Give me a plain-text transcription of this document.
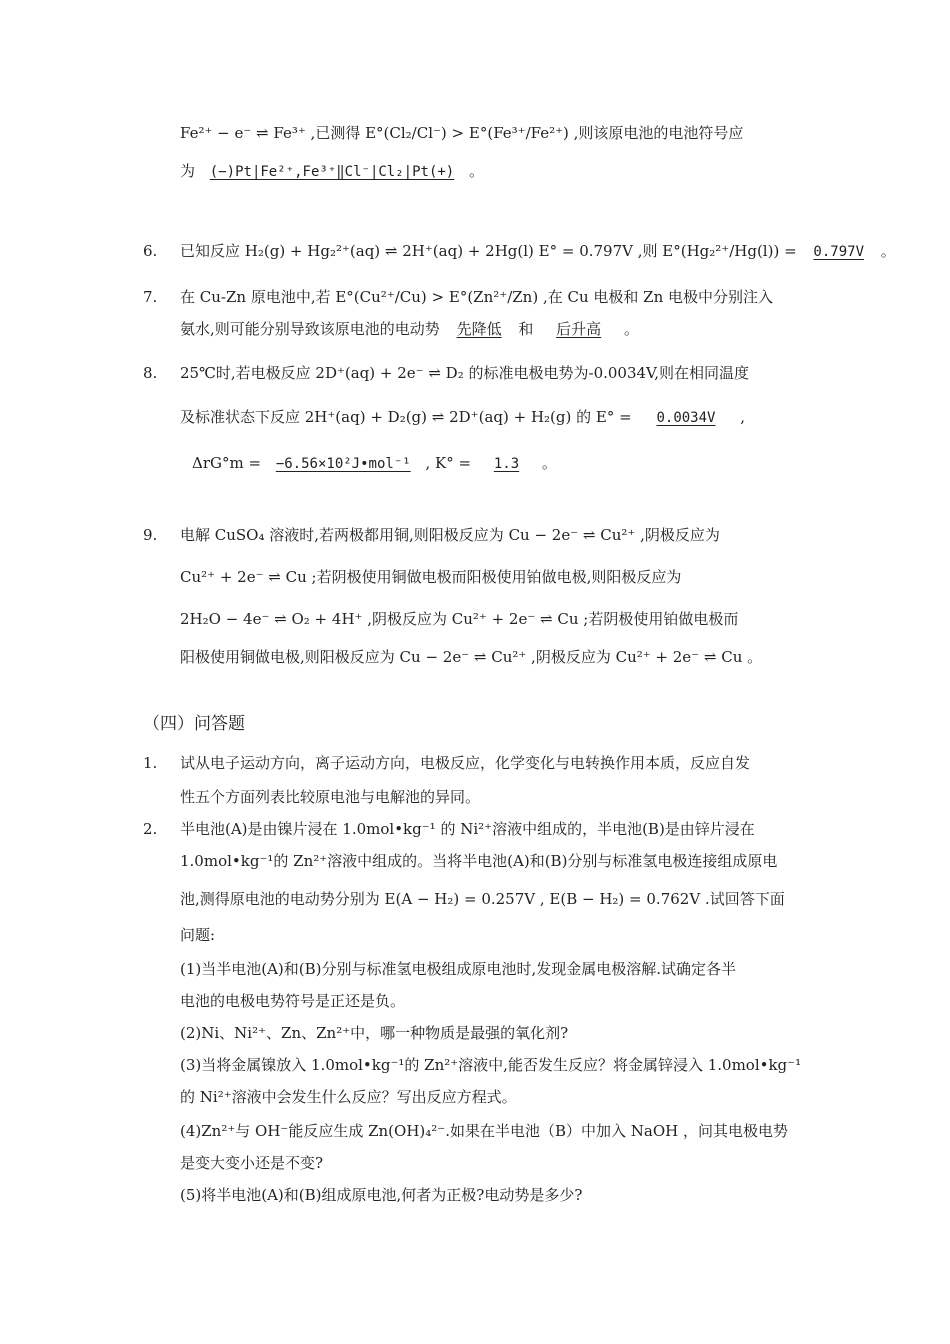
Fe²⁺ − e⁻ ⇌ Fe³⁺ ,已测得 E°(Cl₂/Cl⁻) > E°(Fe³⁺/Fe²⁺) ,则该原电池的电池符号应
为 (−)Pt|Fe²⁺,Fe³⁺‖Cl⁻|Cl₂|Pt(+) 。
6. 已知反应 H₂(g) + Hg₂²⁺(aq) ⇌ 2H⁺(aq) + 2Hg(l) E° = 0.797V ,则 E°(Hg₂²⁺/Hg(l)) = 0.797V 。
7. 在 Cu-Zn 原电池中,若 E°(Cu²⁺/Cu) > E°(Zn²⁺/Zn) ,在 Cu 电极和 Zn 电极中分别注入
氨水,则可能分别导致该原电池的电动势 先降低 和 后升高 。
8. 25℃时,若电极反应 2D⁺(aq) + 2e⁻ ⇌ D₂ 的标准电极电势为-0.0034V,则在相同温度
及标准状态下反应 2H⁺(aq) + D₂(g) ⇌ 2D⁺(aq) + H₂(g) 的 E° = 0.0034V ,
ΔrG°m = −6.56×10²J•mol⁻¹ , K° = 1.3 。
9. 电解 CuSO₄ 溶液时,若两极都用铜,则阳极反应为 Cu − 2e⁻ ⇌ Cu²⁺ ,阴极反应为
Cu²⁺ + 2e⁻ ⇌ Cu ;若阴极使用铜做电极而阳极使用铂做电极,则阳极反应为
2H₂O − 4e⁻ ⇌ O₂ + 4H⁺ ,阴极反应为 Cu²⁺ + 2e⁻ ⇌ Cu ;若阴极使用铂做电极而
阳极使用铜做电极,则阳极反应为 Cu − 2e⁻ ⇌ Cu²⁺ ,阴极反应为 Cu²⁺ + 2e⁻ ⇌ Cu 。
（四）问答题
1. 试从电子运动方向，离子运动方向，电极反应，化学变化与电转换作用本质，反应自发
性五个方面列表比较原电池与电解池的异同。
2. 半电池(A)是由镍片浸在 1.0mol•kg⁻¹ 的 Ni²⁺溶液中组成的，半电池(B)是由锌片浸在
1.0mol•kg⁻¹的 Zn²⁺溶液中组成的。当将半电池(A)和(B)分别与标准氢电极连接组成原电
池,测得原电池的电动势分别为 E(A − H₂) = 0.257V , E(B − H₂) = 0.762V .试回答下面
问题:
(1)当半电池(A)和(B)分别与标准氢电极组成原电池时,发现金属电极溶解.试确定各半
电池的电极电势符号是正还是负。
(2)Ni、Ni²⁺、Zn、Zn²⁺中，哪一种物质是最强的氧化剂?
(3)当将金属镍放入 1.0mol•kg⁻¹的 Zn²⁺溶液中,能否发生反应？将金属锌浸入 1.0mol•kg⁻¹
的 Ni²⁺溶液中会发生什么反应？写出反应方程式。
(4)Zn²⁺与 OH⁻能反应生成 Zn(OH)₄²⁻.如果在半电池（B）中加入 NaOH ，问其电极电势
是变大变小还是不变?
(5)将半电池(A)和(B)组成原电池,何者为正极?电动势是多少?
